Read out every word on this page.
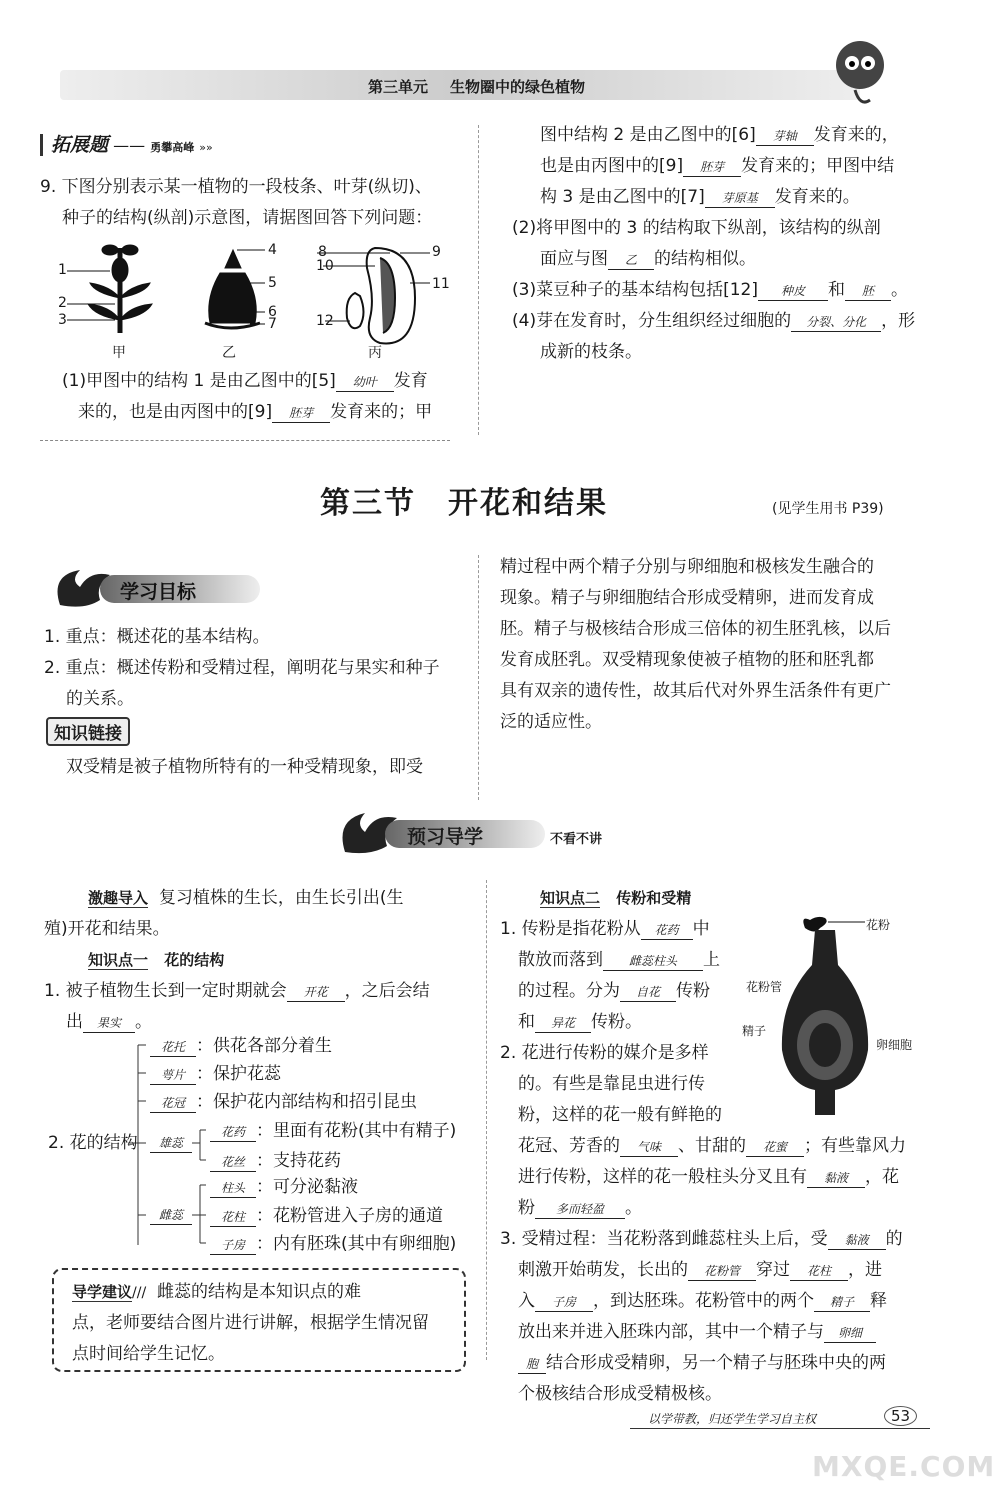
第三单元 生物圈中的绿色植物
拓展题 —— 勇攀高峰 »»
9. 下图分别表示某一植物的一段枝条、叶芽(纵切)、
种子的结构(纵剖)示意图，请据图回答下列问题：
1
2
3
4
5
6
7
8	9
10
11
12
甲	乙	丙
(1)甲图中的结构 1 是由乙图中的[5] 幼叶 发育
来的，也是由丙图中的[9] 胚芽 发育来的；甲
图中结构 2 是由乙图中的[6] 芽轴 发育来的，
也是由丙图中的[9] 胚芽 发育来的；甲图中结
构 3 是由乙图中的[7] 芽原基 发育来的。
(2)将甲图中的 3 的结构取下纵剖，该结构的纵剖
面应与图 乙 的结构相似。
(3)菜豆种子的基本结构包括[12] 种皮 和 胚 。
(4)芽在发育时，分生组织经过细胞的 分裂、分化 ，形
成新的枝条。
第三节　开花和结果	(见学生用书 P39)
学习目标
1. 重点：概述花的基本结构。
2. 重点：概述传粉和受精过程，阐明花与果实和种子
的关系。
知识链接
双受精是被子植物所特有的一种受精现象，即受
精过程中两个精子分别与卵细胞和极核发生融合的
现象。精子与卵细胞结合形成受精卵，进而发育成
胚。精子与极核结合形成三倍体的初生胚乳核，以后
发育成胚乳。双受精现象使被子植物的胚和胚乳都
具有双亲的遗传性，故其后代对外界生活条件有更广
泛的适应性。
预习导学	不看不讲
激趣导入 复习植株的生长，由生长引出(生
殖)开花和结果。
知识点一 花的结构
1. 被子植物生长到一定时期就会 开花 ，之后会结
出 果实 。
2. 花的结构
花托 ：供花各部分着生
萼片 ：保护花蕊
花冠 ：保护花内部结构和招引昆虫
雄蕊
花药 ：里面有花粉(其中有精子)
花丝 ：支持花药
雌蕊
柱头 ：可分泌黏液
花柱 ：花粉管进入子房的通道
子房 ：内有胚珠(其中有卵细胞)
导学建议/// 雌蕊的结构是本知识点的难
点，老师要结合图片进行讲解，根据学生情况留
点时间给学生记忆。
知识点二 传粉和受精
花粉
花粉管
精子
卵细胞
1. 传粉是指花粉从 花药 中
散放而落到 雌蕊柱头 上
的过程。分为 自花 传粉
和 异花 传粉。
2. 花进行传粉的媒介是多样
的。有些是靠昆虫进行传
粉，这样的花一般有鲜艳的
花冠、芳香的 气味 、甘甜的 花蜜 ；有些靠风力
进行传粉，这样的花一般柱头分叉且有 黏液 ，花
粉 多而轻盈 。
3. 受精过程：当花粉落到雌蕊柱头上后，受 黏液 的
刺激开始萌发，长出的 花粉管 穿过 花柱 ，进
入 子房 ，到达胚珠。花粉管中的两个 精子 释
放出来并进入胚珠内部，其中一个精子与 卵细
胞 结合形成受精卵，另一个精子与胚珠中央的两
个极核结合形成受精极核。
以学带教，归还学生学习自主权	53
MXQE.COM
